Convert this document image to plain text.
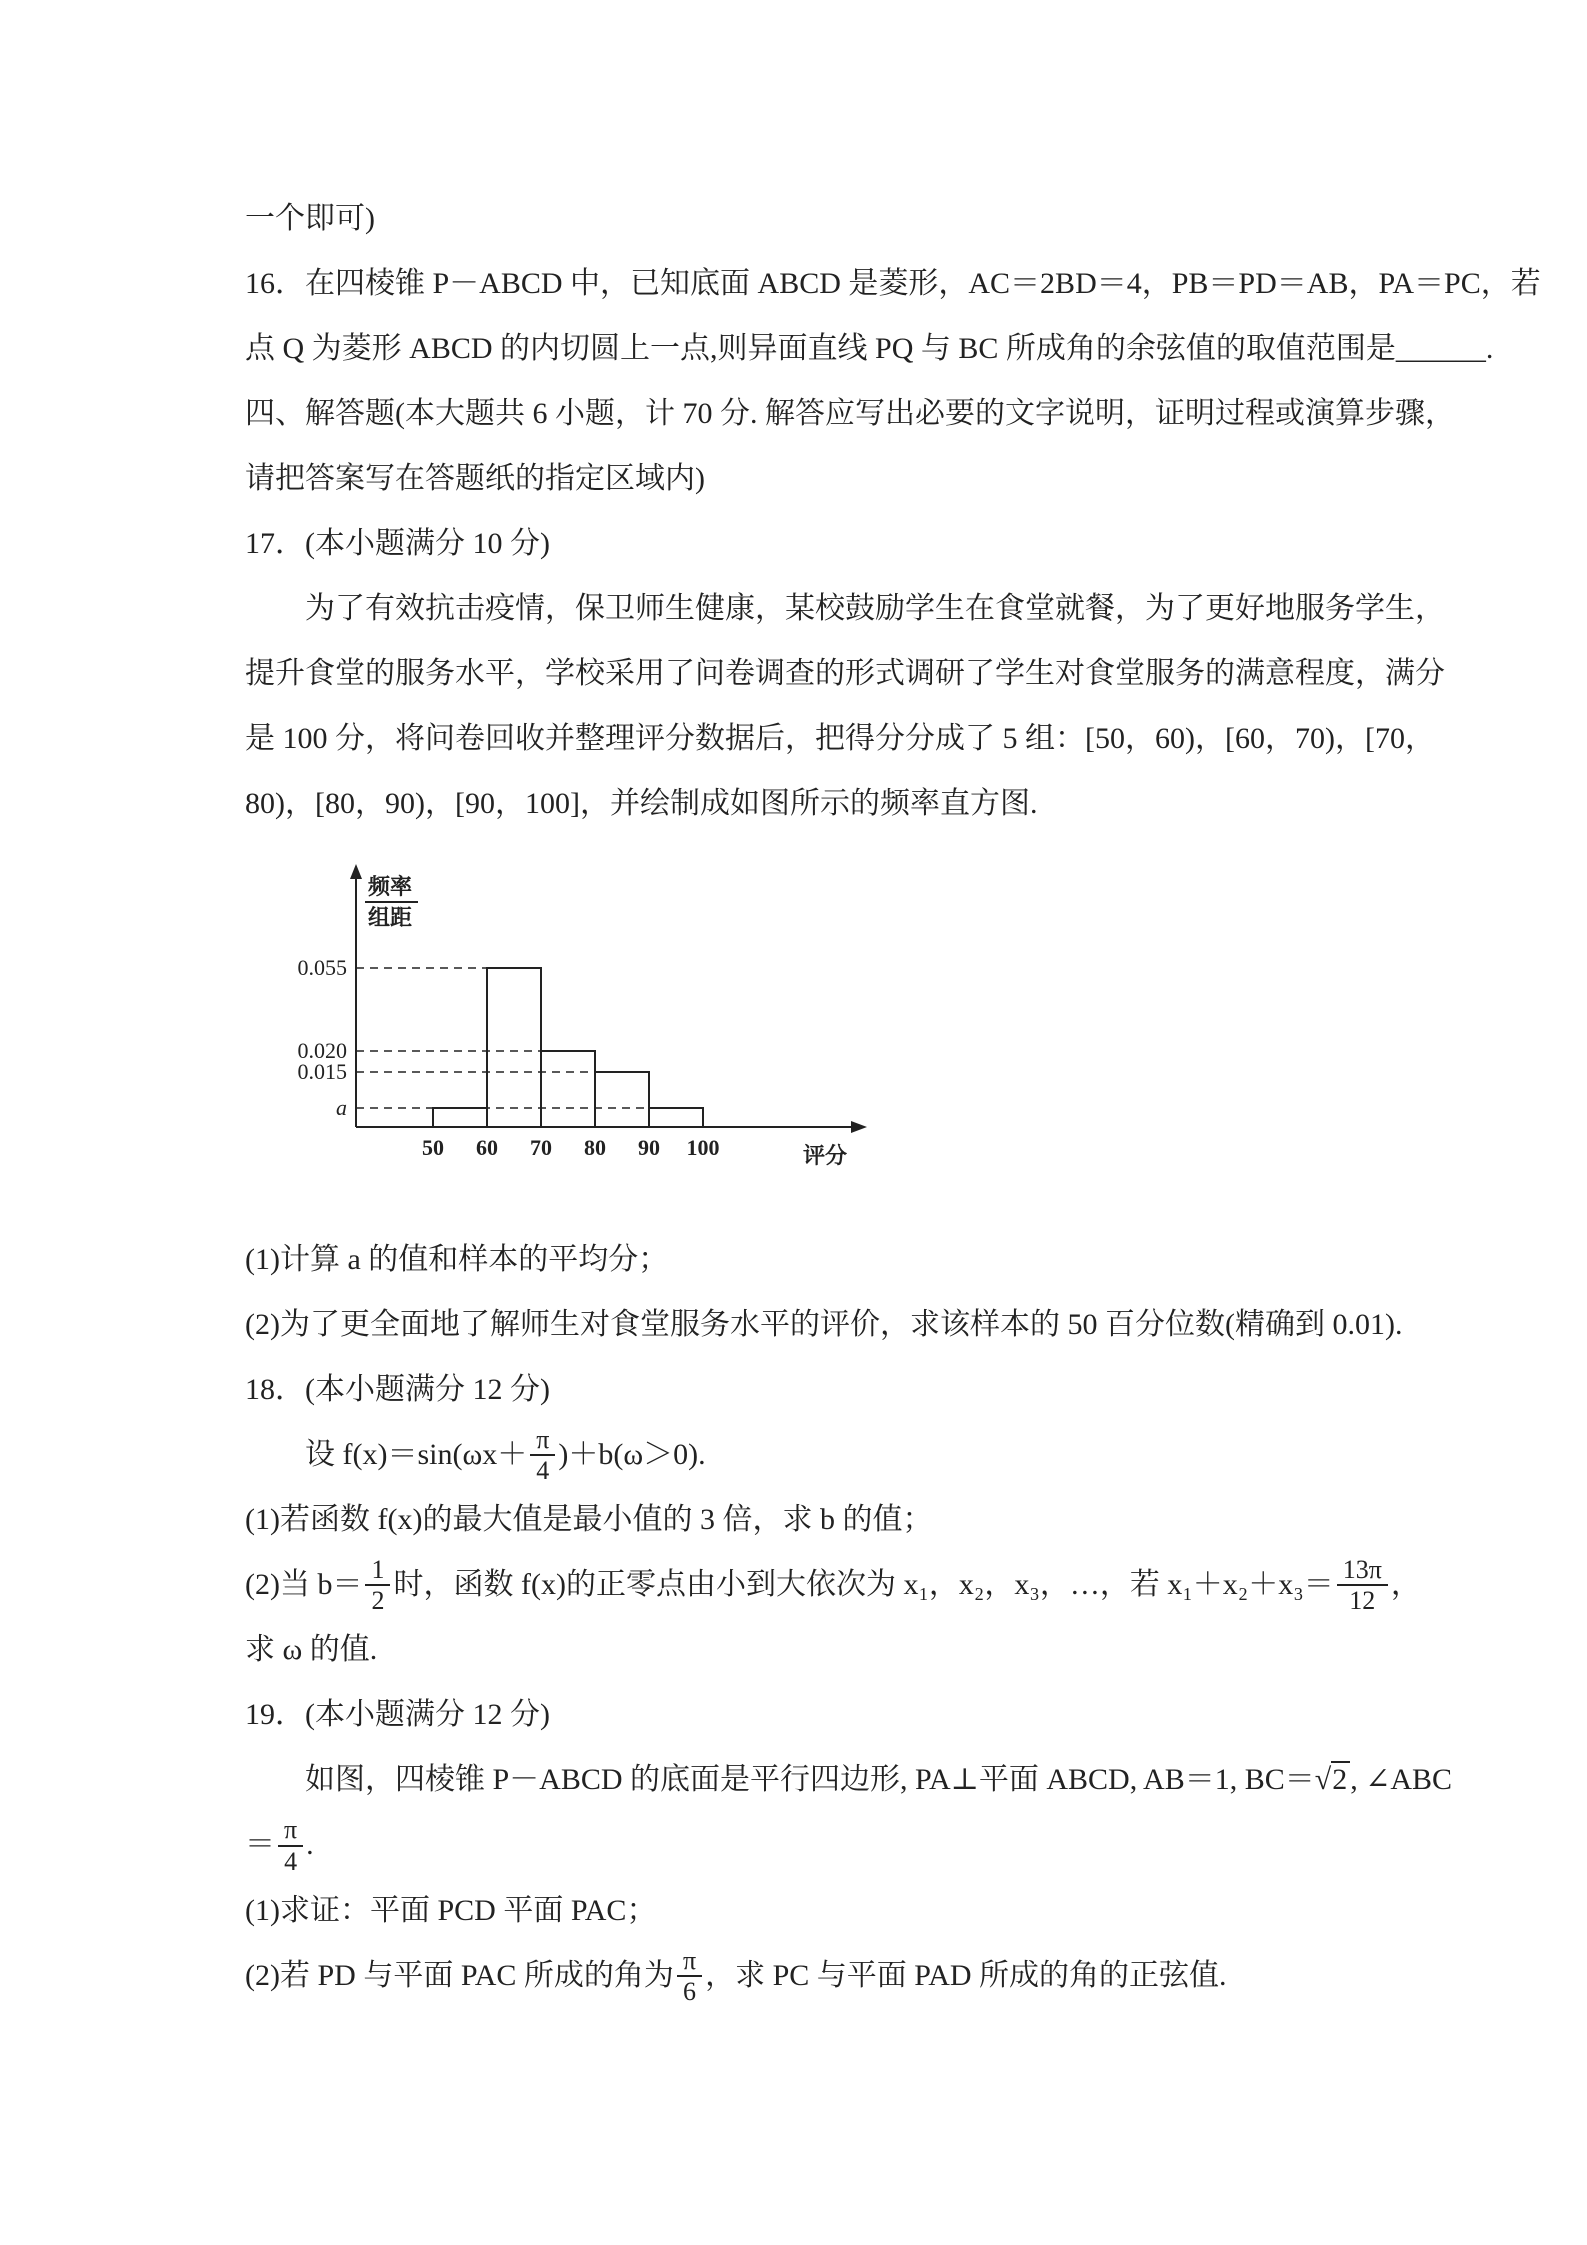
一个即可)

16．在四棱锥 P－ABCD 中，已知底面 ABCD 是菱形，AC＝2BD＝4，PB＝PD＝AB，PA＝PC，若

点 Q 为菱形 ABCD 的内切圆上一点,则异面直线 PQ 与 BC 所成角的余弦值的取值范围是______.

四、解答题(本大题共 6 小题，计 70 分. 解答应写出必要的文字说明，证明过程或演算步骤，

请把答案写在答题纸的指定区域内)

17．(本小题满分 10 分)

为了有效抗击疫情，保卫师生健康，某校鼓励学生在食堂就餐，为了更好地服务学生，

提升食堂的服务水平，学校采用了问卷调查的形式调研了学生对食堂服务的满意程度，满分

是 100 分，将问卷回收并整理评分数据后，把得分分成了 5 组：[50，60)，[60，70)，[70，

80)，[80，90)，[90，100]，并绘制成如图所示的频率直方图.

频率
组距
0.055
0.020
0.015
a
50 60 70 80 90 100	评分

(1)计算 a 的值和样本的平均分；

(2)为了更全面地了解师生对食堂服务水平的评价，求该样本的 50 百分位数(精确到 0.01).

18．(本小题满分 12 分)

设 $f(x)=\sin(\omega x+ \frac{\pi}{4} )+b(\omega>0)$.

(1)若函数 f(x)的最大值是最小值的 3 倍，求 b 的值；

(2)当 $b= \frac{1}{2}$ 时，函数 f(x)的正零点由小到大依次为 x₁，x₂，x₃，…，若 $x_1+x_2+x_3= \frac{13\pi}{12}$ ，

求 ω 的值.

19．(本小题满分 12 分)

如图，四棱锥 P－ABCD 的底面是平行四边形, PA⊥平面 ABCD, AB＝1, BC＝√2 , ∠ABC

＝ $\frac{\pi}{4}$ .

(1)求证：平面 PCD 平面 PAC；

(2)若 PD 与平面 PAC 所成的角为 $\frac{\pi}{6}$ ，求 PC 与平面 PAD 所成的角的正弦值.
